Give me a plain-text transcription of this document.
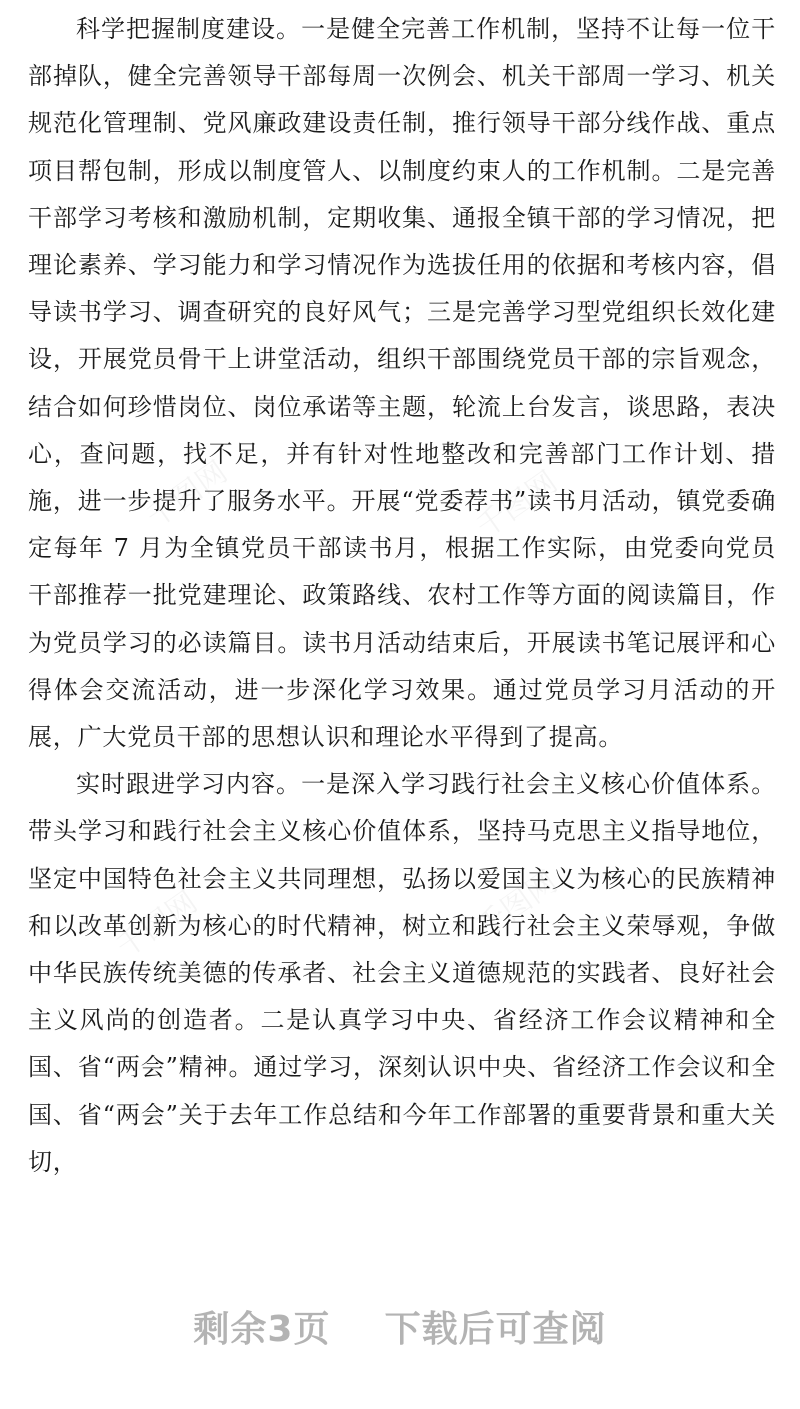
科学把握制度建设。一是健全完善工作机制，坚持不让每一位干部掉队，健全完善领导干部每周一次例会、机关干部周一学习、机关规范化管理制、党风廉政建设责任制，推行领导干部分线作战、重点项目帮包制，形成以制度管人、以制度约束人的工作机制。二是完善干部学习考核和激励机制，定期收集、通报全镇干部的学习情况，把理论素养、学习能力和学习情况作为选拔任用的依据和考核内容，倡导读书学习、调查研究的良好风气；三是完善学习型党组织长效化建设，开展党员骨干上讲堂活动，组织干部围绕党员干部的宗旨观念，结合如何珍惜岗位、岗位承诺等主题，轮流上台发言，谈思路，表决心，查问题，找不足，并有针对性地整改和完善部门工作计划、措施，进一步提升了服务水平。开展“党委荐书”读书月活动，镇党委确定每年 7 月为全镇党员干部读书月，根据工作实际，由党委向党员干部推荐一批党建理论、政策路线、农村工作等方面的阅读篇目，作为党员学习的必读篇目。读书月活动结束后，开展读书笔记展评和心得体会交流活动，进一步深化学习效果。通过党员学习月活动的开展，广大党员干部的思想认识和理论水平得到了提高。

实时跟进学习内容。一是深入学习践行社会主义核心价值体系。带头学习和践行社会主义核心价值体系，坚持马克思主义指导地位，坚定中国特色社会主义共同理想，弘扬以爱国主义为核心的民族精神和以改革创新为核心的时代精神，树立和践行社会主义荣辱观，争做中华民族传统美德的传承者、社会主义道德规范的实践者、良好社会主义风尚的创造者。二是认真学习中央、省经济工作会议精神和全国、省“两会”精神。通过学习，深刻认识中央、省经济工作会议和全国、省“两会”关于去年工作总结和今年工作部署的重要背景和重大关切，

剩余3页 下载后可查阅
